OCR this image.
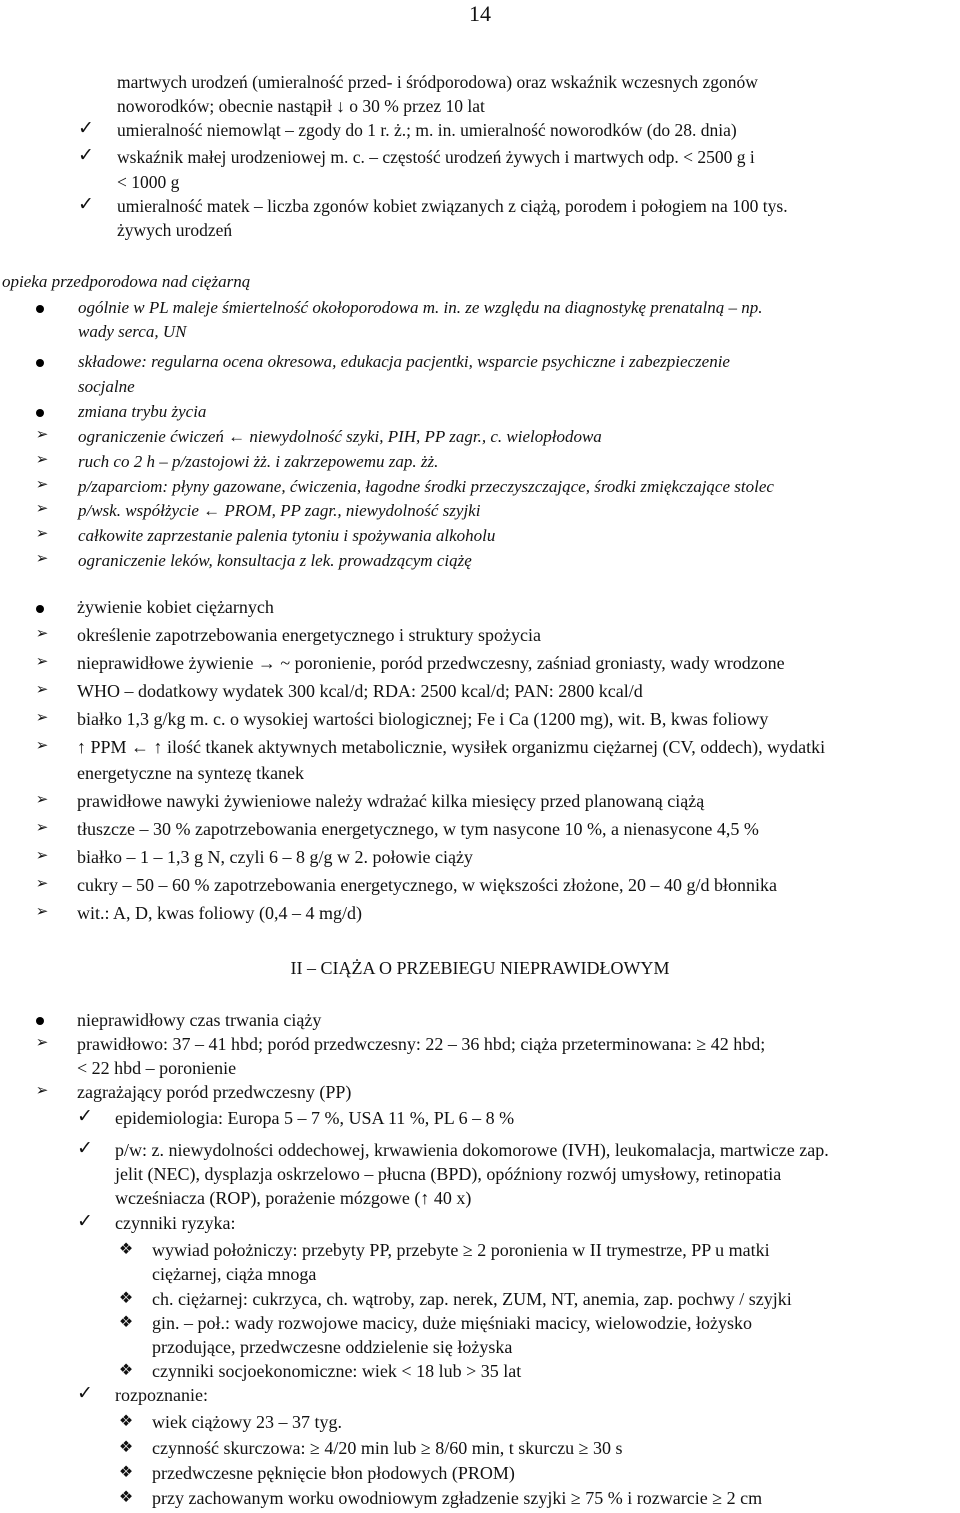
14
martwych urodzeń (umieralność przed- i śródporodowa) oraz wskaźnik wczesnych zgonów
noworodków; obecnie nastąpił ↓ o 30 % przez 10 lat
✓ umieralność niemowląt – zgody do 1 r. ż.; m. in. umieralność noworodków (do 28. dnia)
✓ wskaźnik małej urodzeniowej m. c. – częstość urodzeń żywych i martwych odp. < 2500 g i
< 1000 g
✓ umieralność matek – liczba zgonów kobiet związanych z ciążą, porodem i połogiem na 100 tys.
żywych urodzeń
opieka przedporodowa nad ciężarną
ogólnie w PL maleje śmiertelność okołoporodowa m. in. ze względu na diagnostykę prenatalną – np.
wady serca, UN
składowe: regularna ocena okresowa, edukacja pacjentki, wsparcie psychiczne i zabezpieczenie
socjalne
zmiana trybu życia
➢ ograniczenie ćwiczeń ← niewydolność szyki, PIH, PP zagr., c. wielopłodowa
➢ ruch co 2 h – p/zastojowi żż. i zakrzepowemu zap. żż.
➢ p/zaparciom: płyny gazowane, ćwiczenia, łagodne środki przeczyszczające, środki zmiękczające stolec
➢ p/wsk. współżycie ← PROM, PP zagr., niewydolność szyjki
➢ całkowite zaprzestanie palenia tytoniu i spożywania alkoholu
➢ ograniczenie leków, konsultacja z lek. prowadzącym ciążę
żywienie kobiet ciężarnych
➢ określenie zapotrzebowania energetycznego i struktury spożycia
➢ nieprawidłowe żywienie → ~ poronienie, poród przedwczesny, zaśniad groniasty, wady wrodzone
➢ WHO – dodatkowy wydatek 300 kcal/d; RDA: 2500 kcal/d; PAN: 2800 kcal/d
➢ białko 1,3 g/kg m. c. o wysokiej wartości biologicznej; Fe i Ca (1200 mg), wit. B, kwas foliowy
➢ ↑ PPM ← ↑ ilość tkanek aktywnych metabolicznie, wysiłek organizmu ciężarnej (CV, oddech), wydatki
energetyczne na syntezę tkanek
➢ prawidłowe nawyki żywieniowe należy wdrażać kilka miesięcy przed planowaną ciążą
➢ tłuszcze – 30 % zapotrzebowania energetycznego, w tym nasycone 10 %, a nienasycone 4,5 %
➢ białko – 1 – 1,3 g N, czyli 6 – 8 g/g w 2. połowie ciąży
➢ cukry – 50 – 60 % zapotrzebowania energetycznego, w większości złożone, 20 – 40 g/d błonnika
➢ wit.: A, D, kwas foliowy (0,4 – 4 mg/d)
II – CIĄŻA O PRZEBIEGU NIEPRAWIDŁOWYM
nieprawidłowy czas trwania ciąży
➢ prawidłowo: 37 – 41 hbd; poród przedwczesny: 22 – 36 hbd; ciąża przeterminowana: ≥ 42 hbd;
< 22 hbd – poronienie
➢ zagrażający poród przedwczesny (PP)
✓ epidemiologia: Europa 5 – 7 %, USA 11 %, PL 6 – 8 %
✓ p/w: z. niewydolności oddechowej, krwawienia dokomorowe (IVH), leukomalacja, martwicze zap.
jelit (NEC), dysplazja oskrzelowo – płucna (BPD), opóźniony rozwój umysłowy, retinopatia
wcześniacza (ROP), porażenie mózgowe (↑ 40 x)
✓ czynniki ryzyka:
❖ wywiad położniczy: przebyty PP, przebyte ≥ 2 poronienia w II trymestrze, PP u matki
ciężarnej, ciąża mnoga
❖ ch. ciężarnej: cukrzyca, ch. wątroby, zap. nerek, ZUM, NT, anemia, zap. pochwy / szyjki
❖ gin. – poł.: wady rozwojowe macicy, duże mięśniaki macicy, wielowodzie, łożysko
przodujące, przedwczesne oddzielenie się łożyska
❖ czynniki socjoekonomiczne: wiek < 18 lub > 35 lat
✓ rozpoznanie:
❖ wiek ciążowy 23 – 37 tyg.
❖ czynność skurczowa: ≥ 4/20 min lub ≥ 8/60 min, t skurczu ≥ 30 s
❖ przedwczesne pęknięcie błon płodowych (PROM)
❖ przy zachowanym worku owodniowym zgładzenie szyjki ≥ 75 % i rozwarcie ≥ 2 cm
